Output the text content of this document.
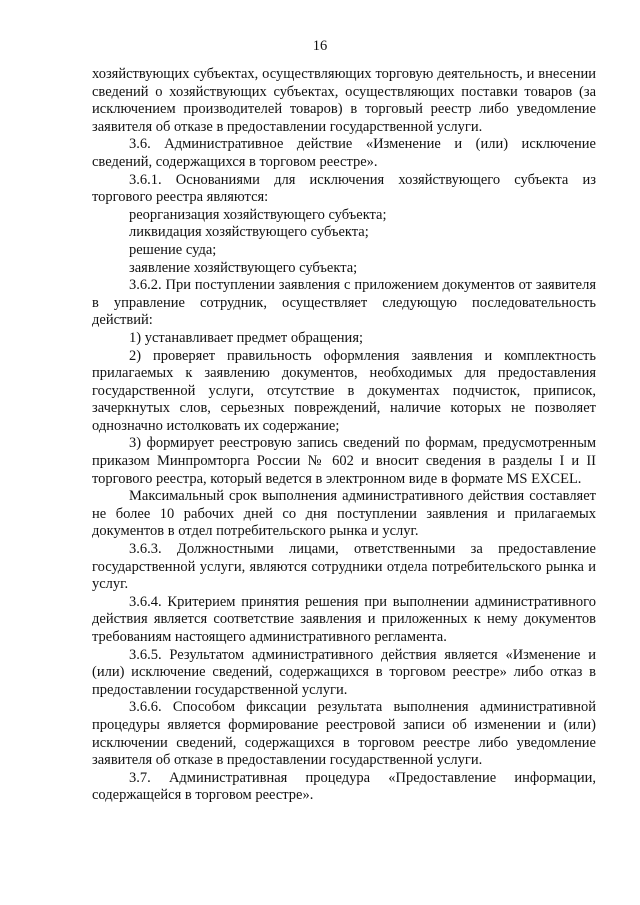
16

хозяйствующих субъектах, осуществляющих торговую деятельность, и внесении сведений о хозяйствующих субъектах, осуществляющих поставки товаров (за исключением производителей товаров) в торговый реестр либо уведомление заявителя об отказе в предоставлении государственной услуги.

3.6. Административное действие «Изменение и (или) исключение сведений, содержащихся в торговом реестре».

3.6.1. Основаниями для исключения хозяйствующего субъекта из торгового реестра являются:

реорганизация хозяйствующего субъекта;

ликвидация хозяйствующего субъекта;

решение суда;

заявление хозяйствующего субъекта;

3.6.2. При поступлении заявления с приложением документов от заявителя в управление сотрудник, осуществляет следующую последовательность действий:

1) устанавливает предмет обращения;

2) проверяет правильность оформления заявления и комплектность прилагаемых к заявлению документов, необходимых для предоставления государственной услуги, отсутствие в документах подчисток, приписок, зачеркнутых слов, серьезных повреждений, наличие которых не позволяет однозначно истолковать их содержание;

3) формирует реестровую запись сведений по формам, предусмотренным приказом Минпромторга России № 602 и вносит сведения в разделы I и II торгового реестра, который ведется в электронном виде в формате MS EXCEL.

Максимальный срок выполнения административного действия составляет не более 10 рабочих дней со дня поступлении заявления и прилагаемых документов в отдел потребительского рынка и услуг.

3.6.3. Должностными лицами, ответственными за предоставление государственной услуги, являются сотрудники отдела потребительского рынка и услуг.

3.6.4. Критерием принятия решения при выполнении административного действия является соответствие заявления и приложенных к нему документов требованиям настоящего административного регламента.

3.6.5. Результатом административного действия является «Изменение и (или) исключение сведений, содержащихся в торговом реестре» либо отказ в предоставлении государственной услуги.

3.6.6. Способом фиксации результата выполнения административной процедуры является формирование реестровой записи об изменении и (или) исключении сведений, содержащихся в торговом реестре либо уведомление заявителя об отказе в предоставлении государственной услуги.

3.7. Административная процедура «Предоставление информации, содержащейся в торговом реестре».
